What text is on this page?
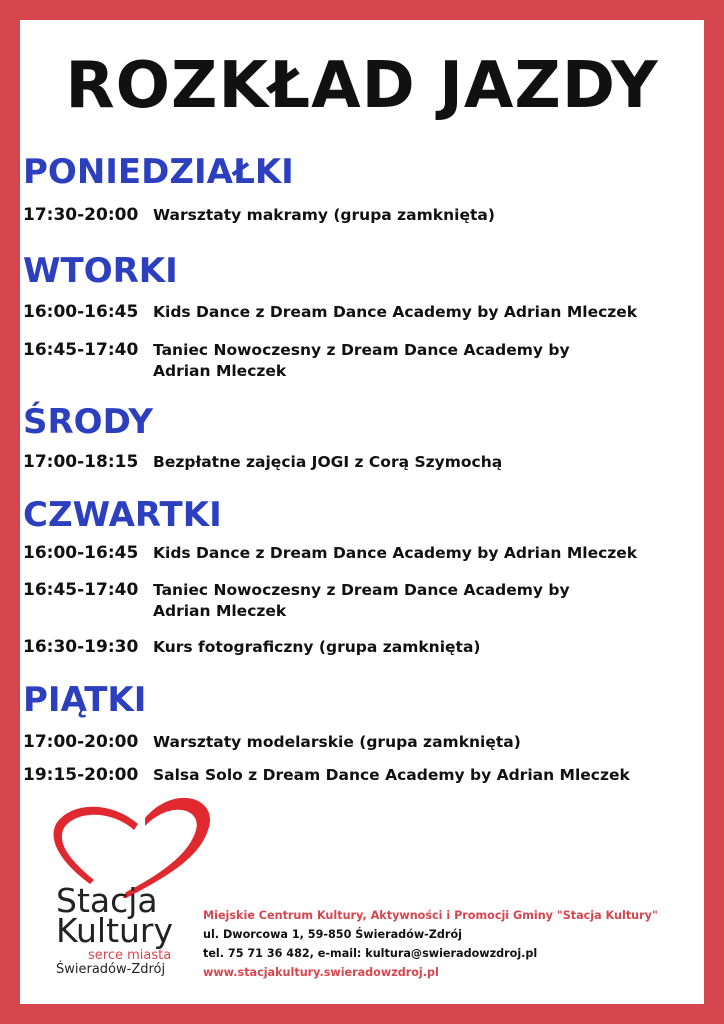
ROZKŁAD JAZDY
PONIEDZIAŁKI
17:30-20:00 Warsztaty makramy (grupa zamknięta)
WTORKI
16:00-16:45 Kids Dance z Dream Dance Academy by Adrian Mleczek
16:45-17:40 Taniec Nowoczesny z Dream Dance Academy by Adrian Mleczek
ŚRODY
17:00-18:15 Bezpłatne zajęcia JOGI z Corą Szymochą
CZWARTKI
16:00-16:45 Kids Dance z Dream Dance Academy by Adrian Mleczek
16:45-17:40 Taniec Nowoczesny z Dream Dance Academy by Adrian Mleczek
16:30-19:30 Kurs fotograficzny (grupa zamknięta)
PIĄTKI
17:00-20:00 Warsztaty modelarskie (grupa zamknięta)
19:15-20:00 Salsa Solo z Dream Dance Academy by Adrian Mleczek
Stacja
Kultury
serce miasta
Świeradów-Zdrój
Miejskie Centrum Kultury, Aktywności i Promocji Gminy "Stacja Kultury"
ul. Dworcowa 1, 59-850 Świeradów-Zdrój
tel. 75 71 36 482, e-mail: kultura@swieradowzdroj.pl
www.stacjakultury.swieradowzdroj.pl
